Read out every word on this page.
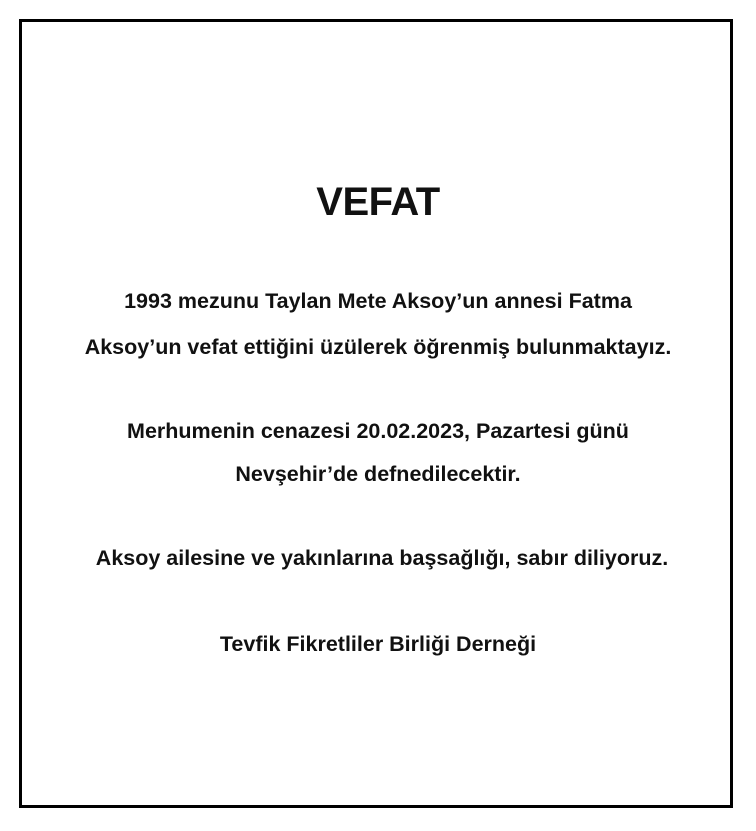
VEFAT
1993 mezunu Taylan Mete Aksoy’un annesi Fatma
Aksoy’un vefat ettiğini üzülerek öğrenmiş bulunmaktayız.
Merhumenin cenazesi 20.02.2023, Pazartesi günü
Nevşehir’de defnedilecektir.
Aksoy ailesine ve yakınlarına başsağlığı, sabır diliyoruz.
Tevfik Fikretliler Birliği Derneği
